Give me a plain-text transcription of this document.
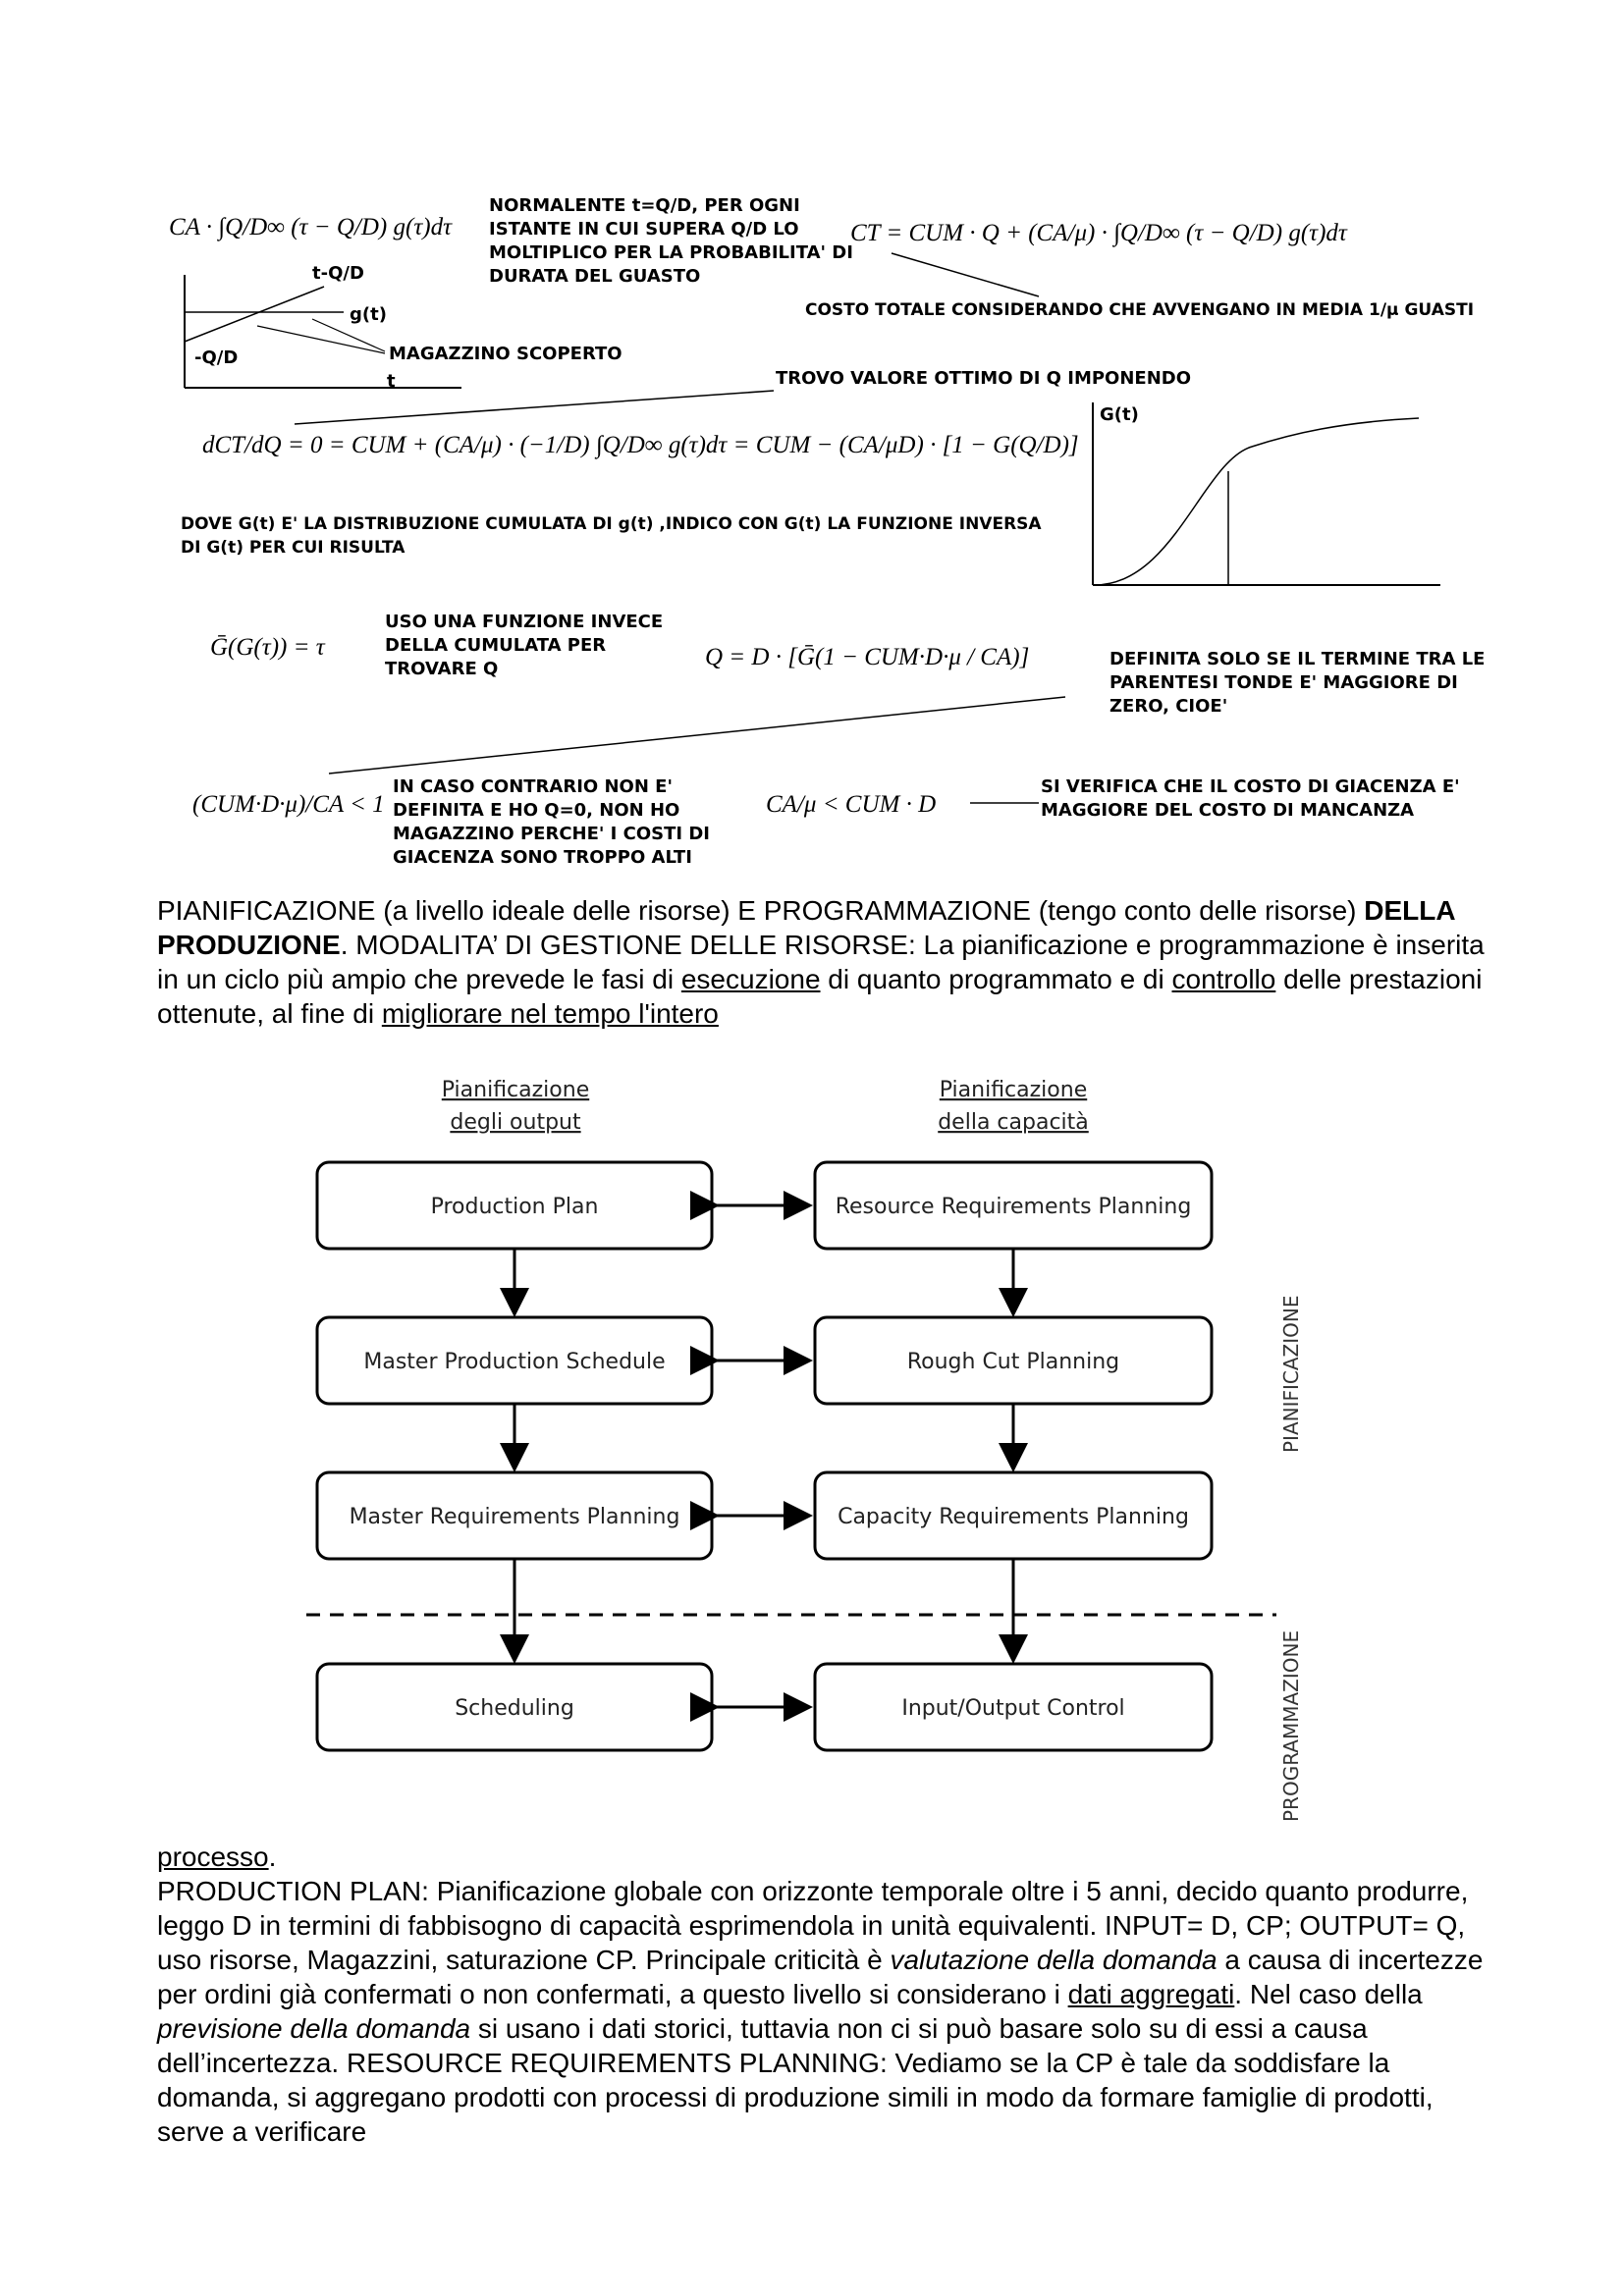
CA · ∫Q/D∞ (τ − Q/D) g(τ)dτ
NORMALENTE t=Q/D, PER OGNI
ISTANTE IN CUI SUPERA Q/D LO
MOLTIPLICO PER LA PROBABILITA' DI
DURATA DEL GUASTO
CT = CUM · Q + (CA/μ) · ∫Q/D∞ (τ − Q/D) g(τ)dτ
t-Q/D
g(t)
-Q/D	MAGAZZINO SCOPERTO
t
COSTO TOTALE CONSIDERANDO CHE AVVENGANO IN MEDIA 1/μ GUASTI
TROVO VALORE OTTIMO DI Q IMPONENDO
dCT/dQ = 0 = CUM + (CA/μ) · (−1/D) ∫Q/D∞ g(τ)dτ = CUM − (CA/μD) · [1 − G(Q/D)]
G(t)
DOVE G(t) E' LA DISTRIBUZIONE CUMULATA DI g(t) ,INDICO CON G(t) LA FUNZIONE INVERSA
DI G(t) PER CUI RISULTA
Ḡ(G(τ)) = τ
USO UNA FUNZIONE INVECE
DELLA CUMULATA PER
TROVARE Q	Q = D · [Ḡ(1 − CUM·D·μ / CA)]	DEFINITA SOLO SE IL TERMINE TRA LE
PARENTESI TONDE E' MAGGIORE DI
ZERO, CIOE'
(CUM·D·μ)/CA < 1
IN CASO CONTRARIO NON E'
DEFINITA E HO Q=0, NON HO
MAGAZZINO PERCHE' I COSTI DI
GIACENZA SONO TROPPO ALTI
CA/μ < CUM · D
SI VERIFICA CHE IL COSTO DI GIACENZA E'
MAGGIORE DEL COSTO DI MANCANZA
PIANIFICAZIONE (a livello ideale delle risorse) E PROGRAMMAZIONE (tengo conto delle risorse) DELLA PRODUZIONE. MODALITA’ DI GESTIONE DELLE RISORSE: La pianificazione e programmazione è inserita in un ciclo più ampio che prevede le fasi di esecuzione di quanto programmato e di controllo delle prestazioni ottenute, al fine di migliorare nel tempo l'intero
Pianificazione
degli output
Pianificazione
della capacità
Production Plan
Master Production Schedule
Master Requirements Planning
Scheduling
Resource Requirements Planning
Rough Cut Planning
Capacity Requirements Planning
Input/Output Control
PIANIFICAZIONE
PROGRAMMAZIONE
processo.
PRODUCTION PLAN: Pianificazione globale con orizzonte temporale oltre i 5 anni, decido quanto produrre, leggo D in termini di fabbisogno di capacità esprimendola in unità equivalenti. INPUT= D, CP; OUTPUT= Q, uso risorse, Magazzini, saturazione CP. Principale criticità è valutazione della domanda a causa di incertezze per ordini già confermati o non confermati, a questo livello si considerano i dati aggregati. Nel caso della previsione della domanda si usano i dati storici, tuttavia non ci si può basare solo su di essi a causa dell’incertezza. RESOURCE REQUIREMENTS PLANNING: Vediamo se la CP è tale da soddisfare la domanda, si aggregano prodotti con processi di produzione simili in modo da formare famiglie di prodotti, serve a verificare
